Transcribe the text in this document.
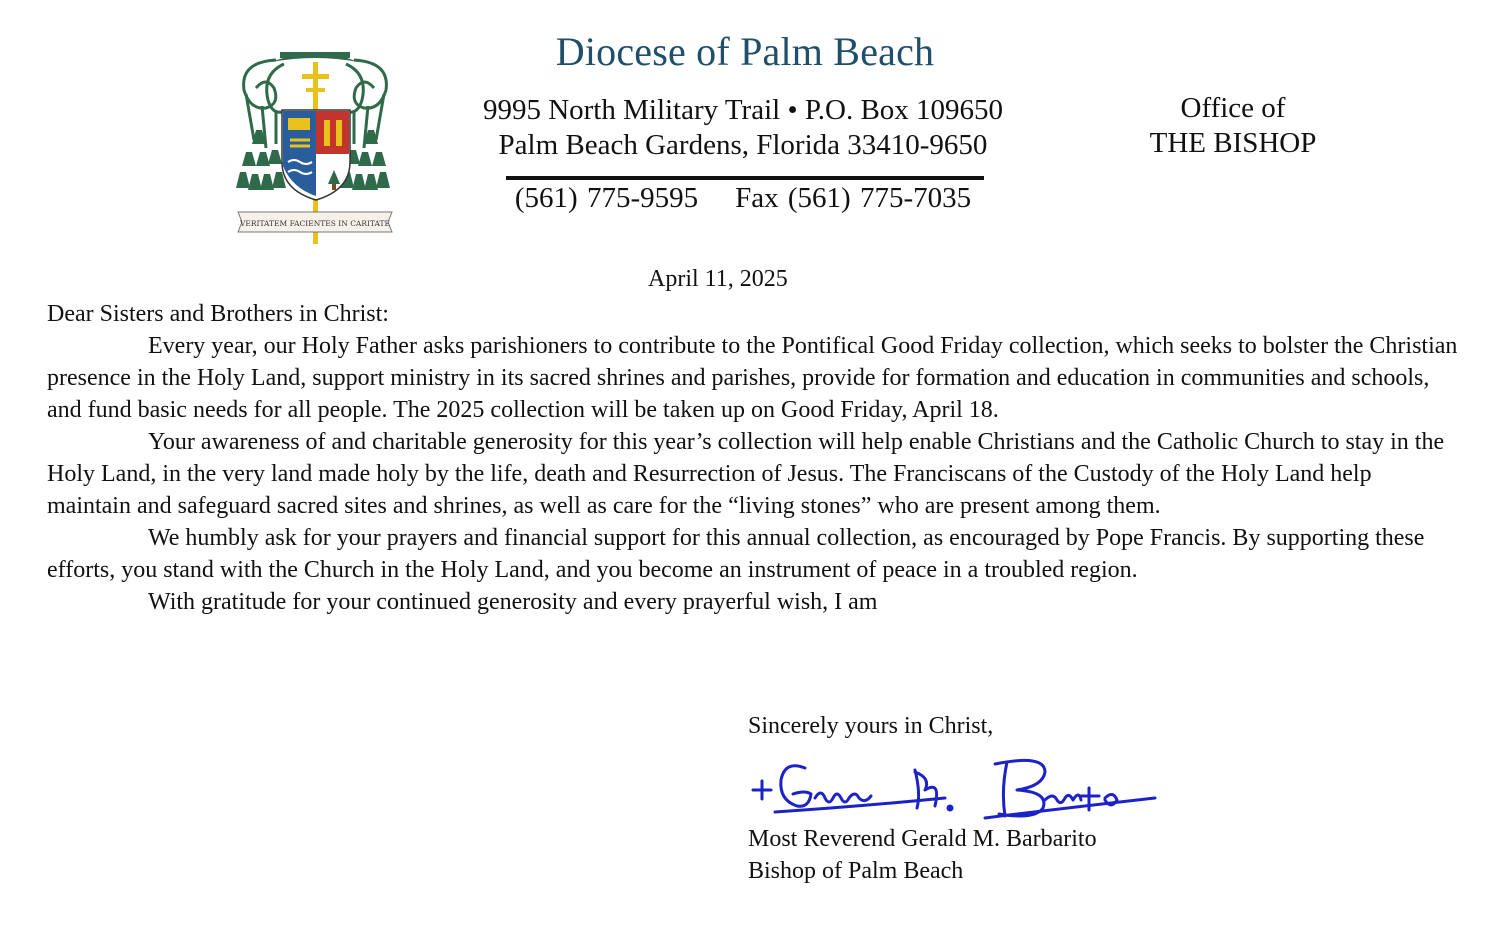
VERITATEM FACIENTES IN CARITATE
Diocese of Palm Beach
9995 North Military Trail • P.O. Box 109650
Palm Beach Gardens, Florida 33410-9650
(561) 775-9595 Fax (561) 775-7035
Office of
THE BISHOP
April 11, 2025

Dear Sisters and Brothers in Christ:

Every year, our Holy Father asks parishioners to contribute to the Pontifical Good Friday collection, which seeks to bolster the Christian presence in the Holy Land, support ministry in its sacred shrines and parishes, provide for formation and education in communities and schools, and fund basic needs for all people. The 2025 collection will be taken up on Good Friday, April 18.

Your awareness of and charitable generosity for this year’s collection will help enable Christians and the Catholic Church to stay in the Holy Land, in the very land made holy by the life, death and Resurrection of Jesus. The Franciscans of the Custody of the Holy Land help maintain and safeguard sacred sites and shrines, as well as care for the “living stones” who are present among them.

We humbly ask for your prayers and financial support for this annual collection, as encouraged by Pope Francis. By supporting these efforts, you stand with the Church in the Holy Land, and you become an instrument of peace in a troubled region.

With gratitude for your continued generosity and every prayerful wish, I am

Sincerely yours in Christ,
Most Reverend Gerald M. Barbarito
Bishop of Palm Beach
